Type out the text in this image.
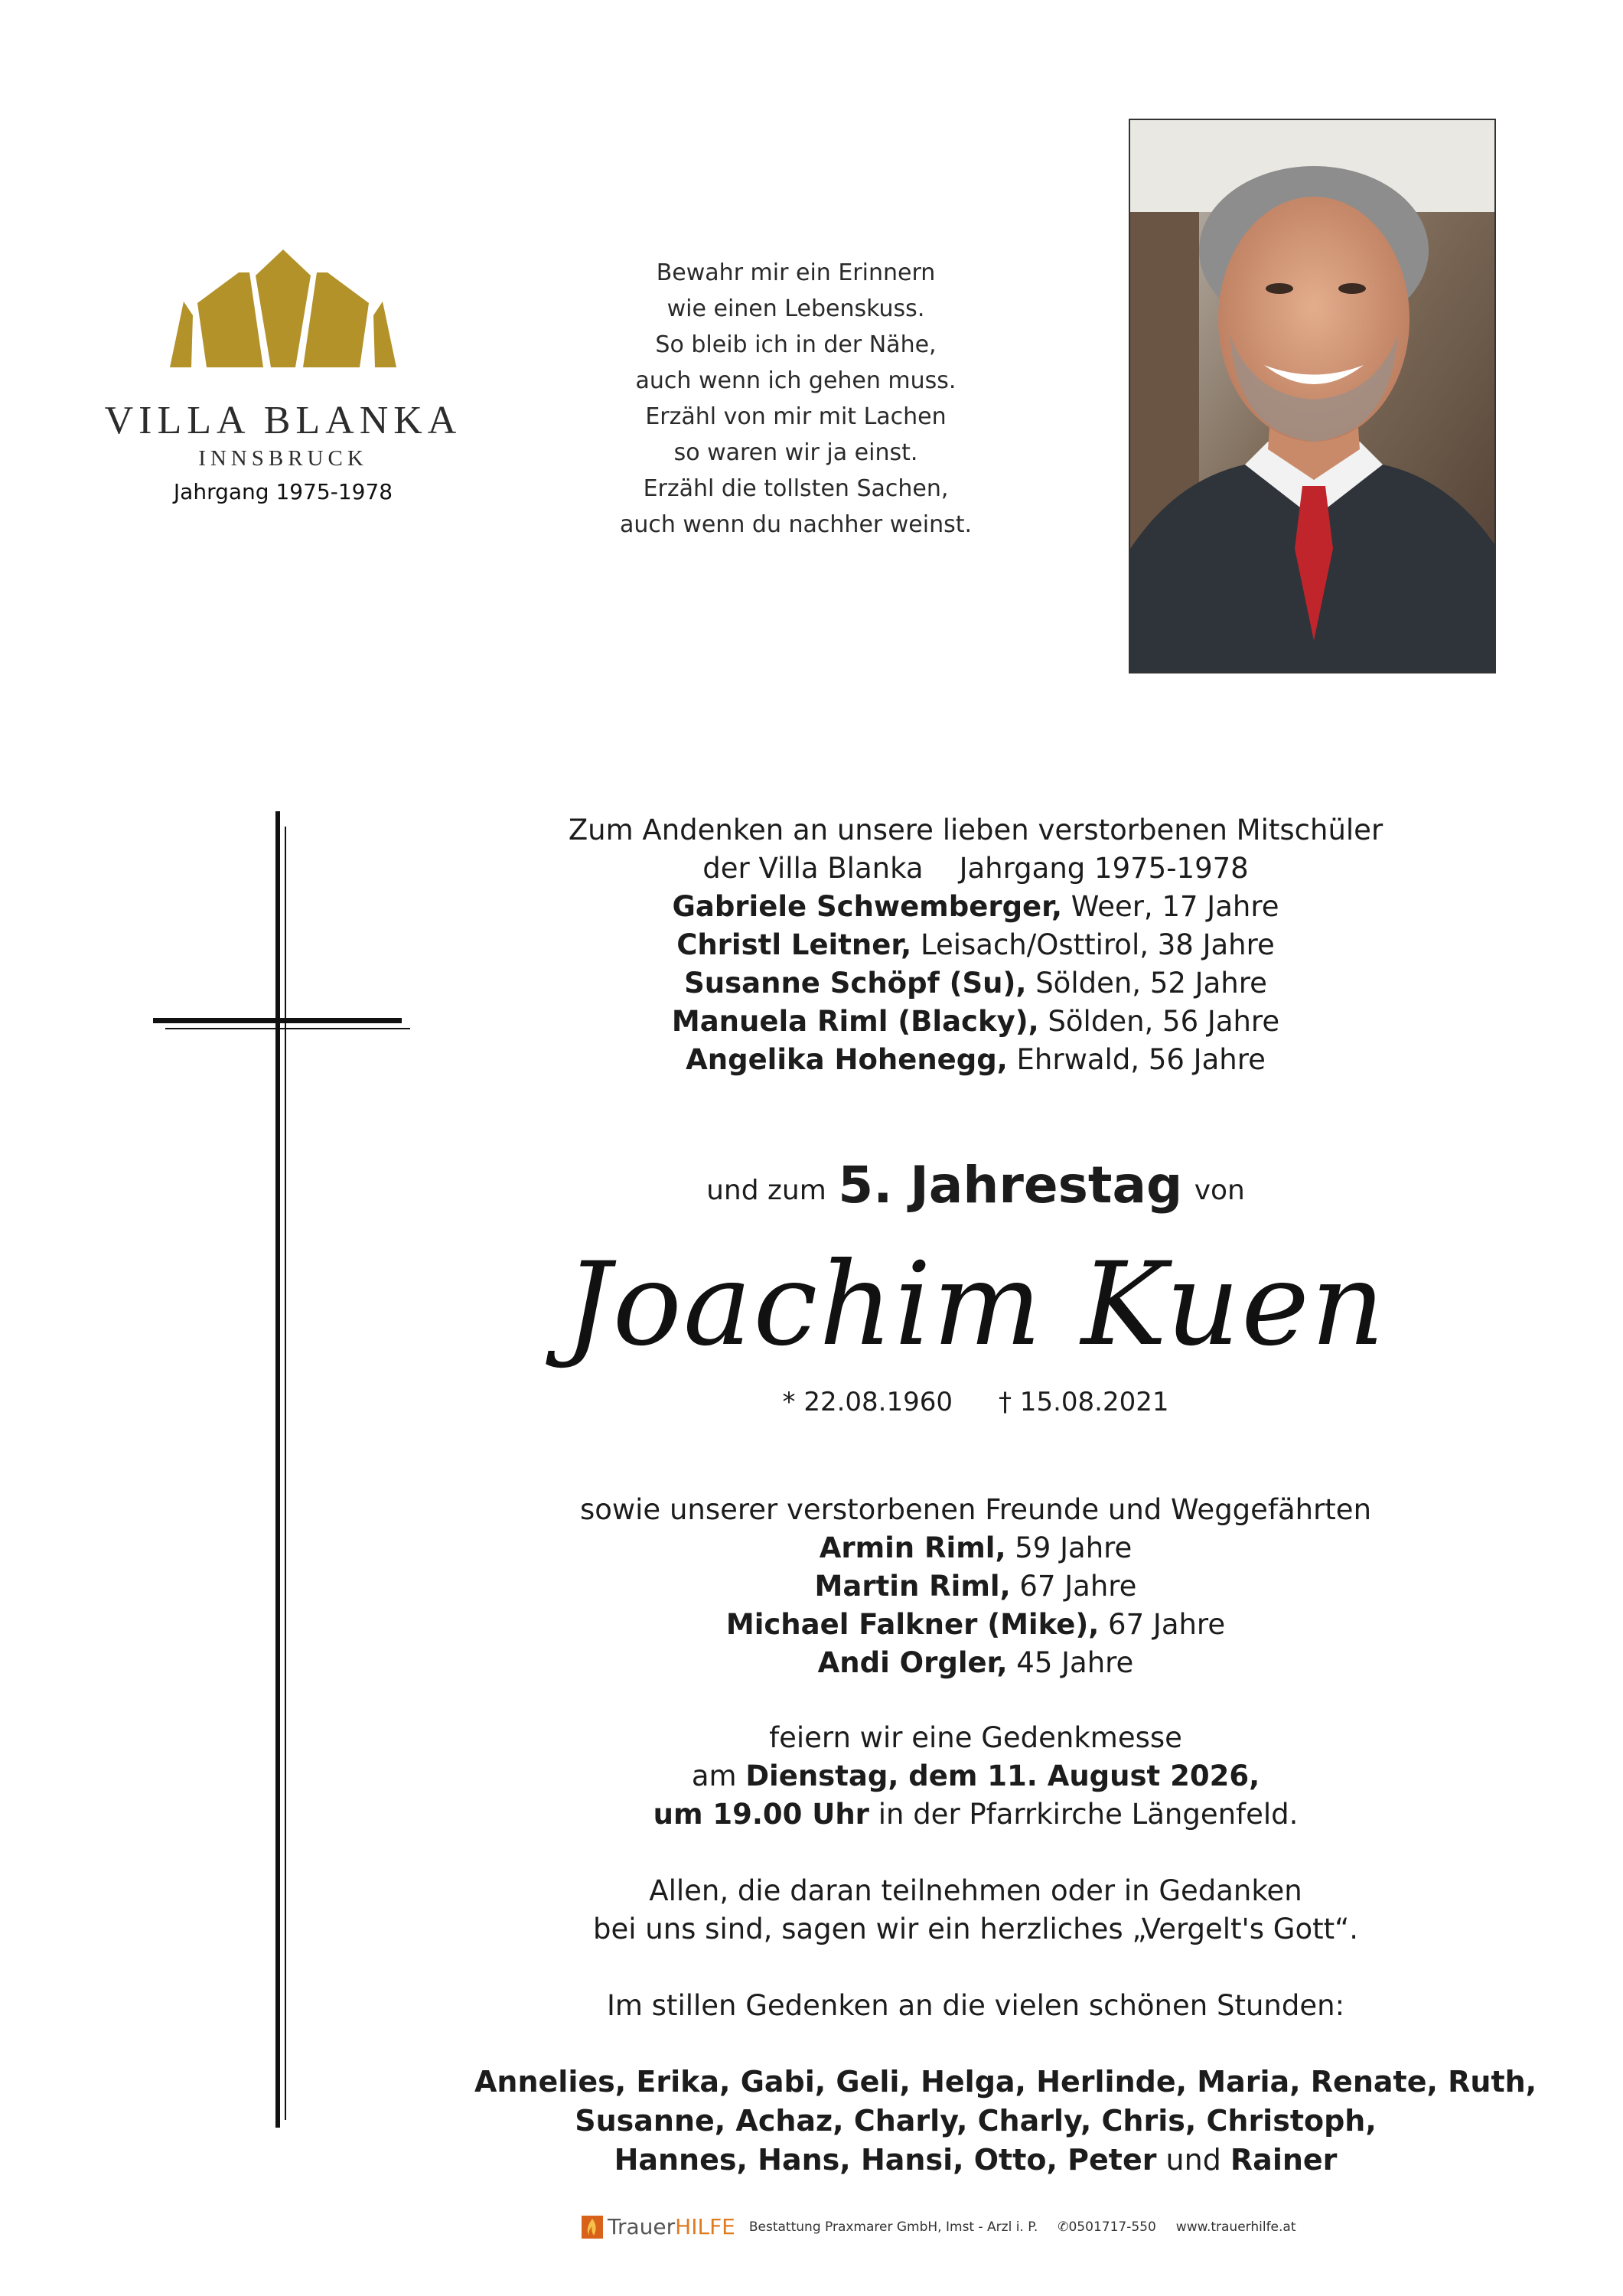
VILLA BLANKA
INNSBRUCK
Jahrgang 1975-1978
Bewahr mir ein Erinnern
wie einen Lebenskuss.
So bleib ich in der Nähe,
auch wenn ich gehen muss.
Erzähl von mir mit Lachen
so waren wir ja einst.
Erzähl die tollsten Sachen,
auch wenn du nachher weinst.
Zum Andenken an unsere lieben verstorbenen Mitschüler
der Villa Blanka    Jahrgang 1975-1978
Gabriele Schwemberger, Weer, 17 Jahre
Christl Leitner, Leisach/Osttirol, 38 Jahre
Susanne Schöpf (Su), Sölden, 52 Jahre
Manuela Riml (Blacky), Sölden, 56 Jahre
Angelika Hohenegg, Ehrwald, 56 Jahre
und zum 5. Jahrestag von
Joachim Kuen
* 22.08.1960 † 15.08.2021
sowie unserer verstorbenen Freunde und Weggefährten
Armin Riml, 59 Jahre
Martin Riml, 67 Jahre
Michael Falkner (Mike), 67 Jahre
Andi Orgler, 45 Jahre
feiern wir eine Gedenkmesse
am Dienstag, dem 11. August 2026,
um 19.00 Uhr in der Pfarrkirche Längenfeld.
Allen, die daran teilnehmen oder in Gedanken
bei uns sind, sagen wir ein herzliches „Vergelt's Gott“.
Im stillen Gedenken an die vielen schönen Stunden:
Annelies, Erika, Gabi, Geli, Helga, Herlinde, Maria, Renate, Ruth,
Susanne, Achaz, Charly, Charly, Chris, Christoph,
Hannes, Hans, Hansi, Otto, Peter und Rainer
TrauerHILFE Bestattung Praxmarer GmbH, Imst - Arzl i. P. ✆0501717-550 www.trauerhilfe.at
